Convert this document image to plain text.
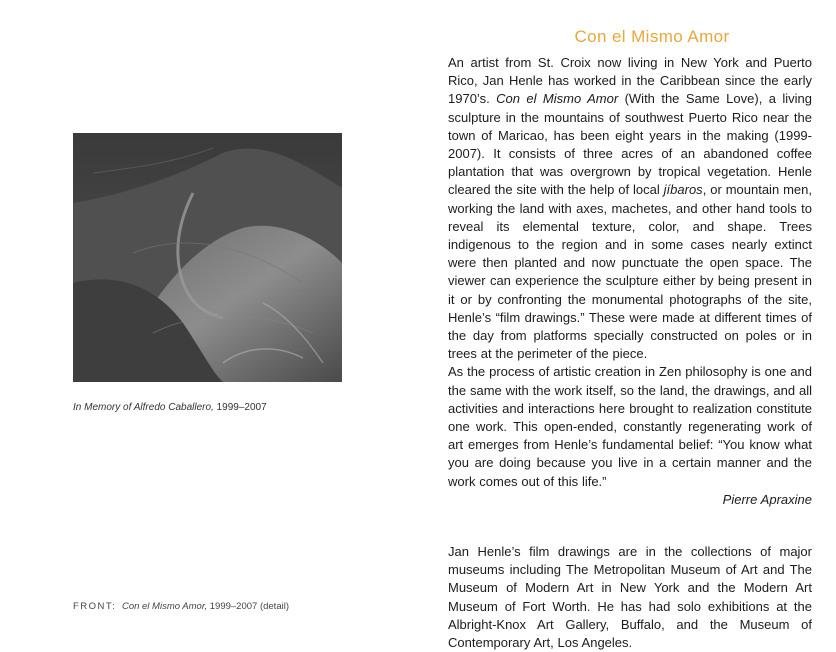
In Memory of Alfredo Caballero, 1999–2007
FRONT: Con el Mismo Amor, 1999–2007 (detail)
Con el Mismo Amor

An artist from St. Croix now living in New York and Puerto Rico, Jan Henle has worked in the Caribbean since the early 1970’s. Con el Mismo Amor (With the Same Love), a living sculpture in the mountains of southwest Puerto Rico near the town of Maricao, has been eight years in the making (1999-2007). It consists of three acres of an abandoned coffee plantation that was overgrown by tropical vegetation. Henle cleared the site with the help of local jíbaros, or mountain men, working the land with axes, machetes, and other hand tools to reveal its elemental texture, color, and shape. Trees indigenous to the region and in some cases nearly extinct were then planted and now punctuate the open space. The viewer can experience the sculpture either by being present in it or by confronting the monumental photographs of the site, Henle’s “film drawings.” These were made at different times of the day from platforms specially constructed on poles or in trees at the perimeter of the piece.

As the process of artistic creation in Zen philosophy is one and the same with the work itself, so the land, the drawings, and all activities and interactions here brought to realization constitute one work. This open-ended, constantly regenerating work of art emerges from Henle’s fundamental belief: “You know what you are doing because you live in a certain manner and the work comes out of this life.”

Pierre Apraxine

Jan Henle’s film drawings are in the collections of major museums including The Metropolitan Museum of Art and The Museum of Modern Art in New York and the Modern Art Museum of Fort Worth. He has had solo exhibitions at the Albright-Knox Art Gallery, Buffalo, and the Museum of Contemporary Art, Los Angeles.
